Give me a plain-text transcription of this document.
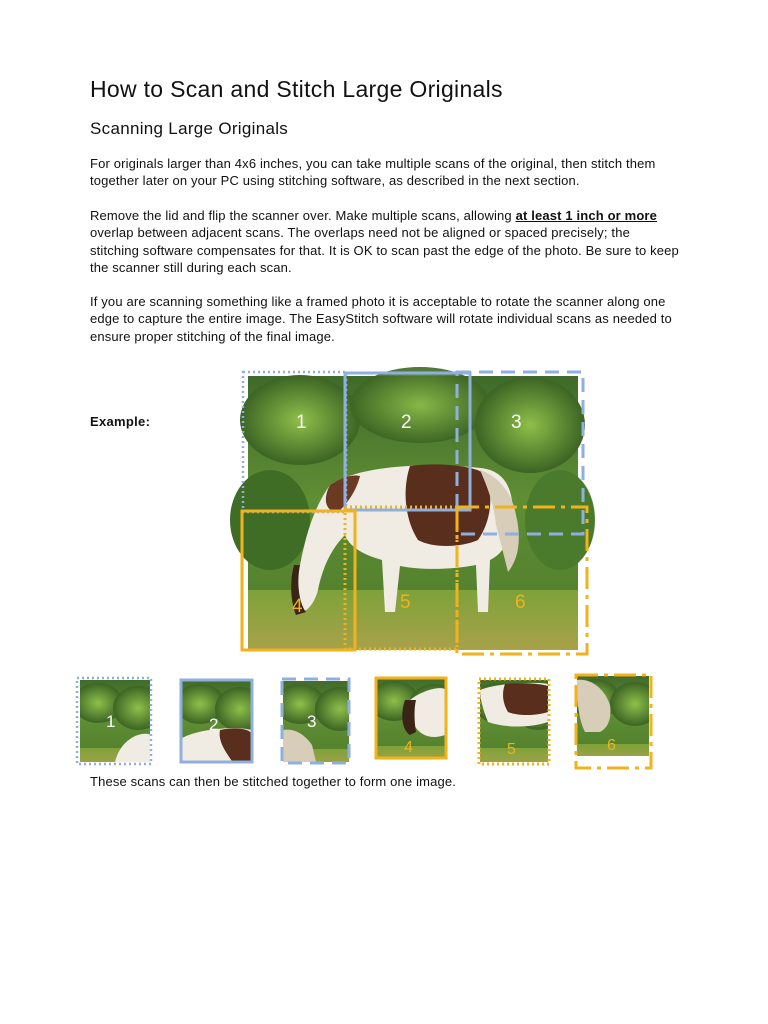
How to Scan and Stitch Large Originals
Scanning Large Originals

For originals larger than 4x6 inches, you can take multiple scans of the original, then stitch them together later on your PC using stitching software, as described in the next section.

Remove the lid and flip the scanner over. Make multiple scans, allowing at least 1 inch or more overlap between adjacent scans. The overlaps need not be aligned or spaced precisely; the stitching software compensates for that. It is OK to scan past the edge of the photo. Be sure to keep the scanner still during each scan.

If you are scanning something like a framed photo it is acceptable to rotate the scanner along one edge to capture the entire image. The EasyStitch software will rotate individual scans as needed to ensure proper stitching of the final image.

Example:	1	2	3
4	5	6
1	2	3
4	5	6
These scans can then be stitched together to form one image.
